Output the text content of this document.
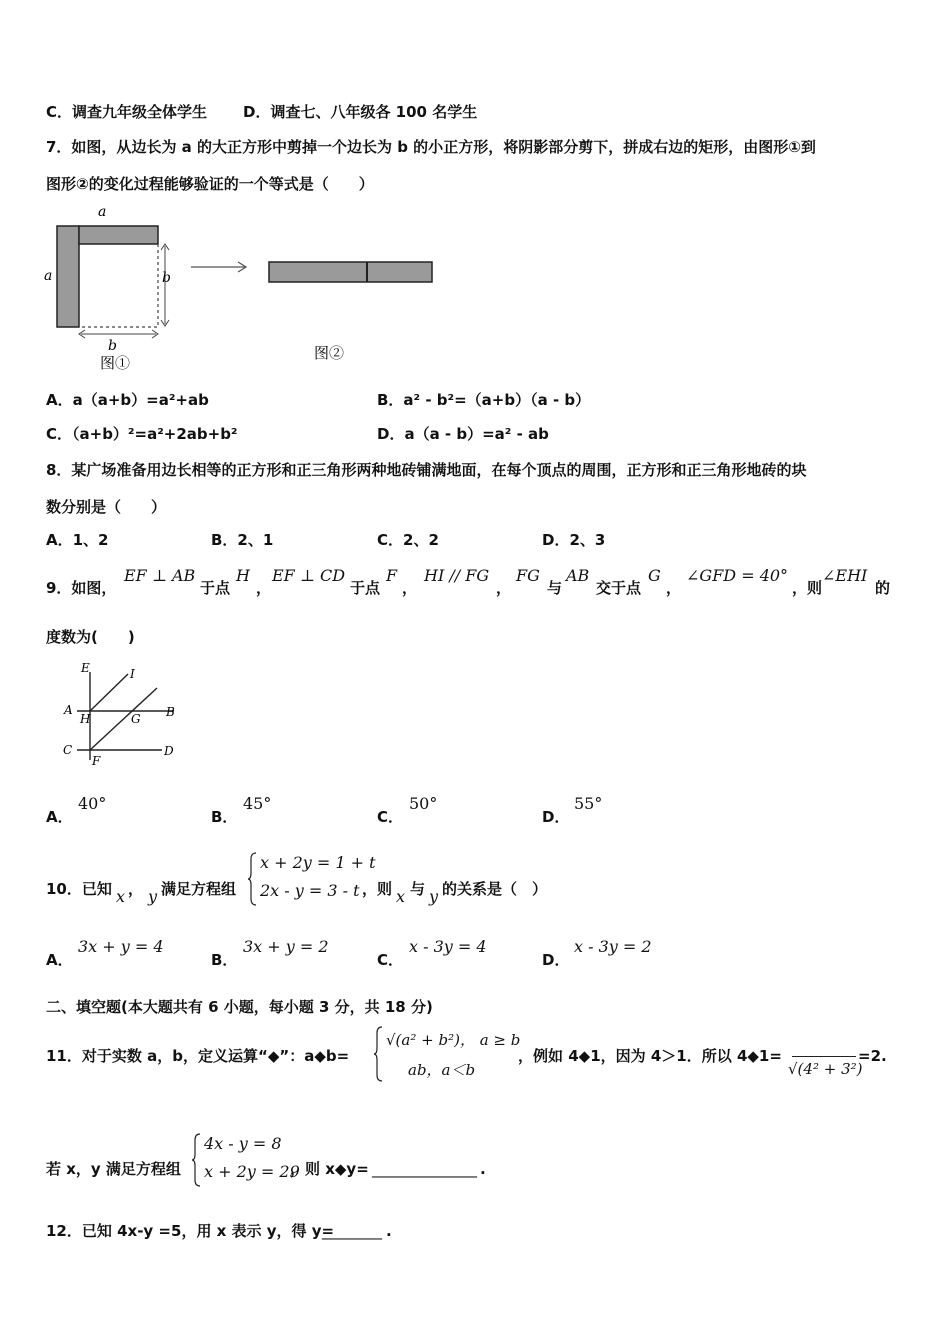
C．调查九年级全体学生 D．调查七、八年级各 100 名学生
7．如图，从边长为 a 的大正方形中剪掉一个边长为 b 的小正方形，将阴影部分剪下，拼成右边的矩形，由图形①到
图形②的变化过程能够验证的一个等式是（　　）
a
a	b
b
图①
图②
A．a（a+b）=a²+ab	B．a² - b²=（a+b）（a - b）
C．（a+b）²=a²+2ab+b²	D．a（a - b）=a² - ab
8．某广场准备用边长相等的正方形和正三角形两种地砖铺满地面，在每个顶点的周围，正方形和正三角形地砖的块
数分别是（　　）
A．1、2	B．2、1	C．2、2	D．2、3
9．如图，
EF ⊥ AB
于点
H
，
EF ⊥ CD
于点
F
，
HI // FG
，
FG
与
AB
交于点
G
，
∠GFD = 40°
，则
∠EHI
的
度数为(　　)
E	I
A
H	G B
C
F
D
A．
40°
B．
45°
C．
50°
D．
55°
10．已知 x ， y 满足方程组
x + 2y = 1 + t
2x - y = 3 - t ，则 x 与 y 的关系是（　）
A．
3x + y = 4
B．
3x + y = 2
C．
x - 3y = 4
D．
x - 3y = 2
二、填空题(本大题共有 6 小题，每小题 3 分，共 18 分)
11．对于实数 a，b，定义运算“◆”：a◆b=
√(a² + b²)， a ≥ b
ab，a＜b
，例如 4◆1，因为 4＞1．所以 4◆1=
√(4² + 3²)
=2.
若 x，y 满足方程组
4x - y = 8
x + 2y = 29
，则 x◆y= ______________ .
12．已知 4x-y =5，用 x 表示 y，得 y=
________ .
